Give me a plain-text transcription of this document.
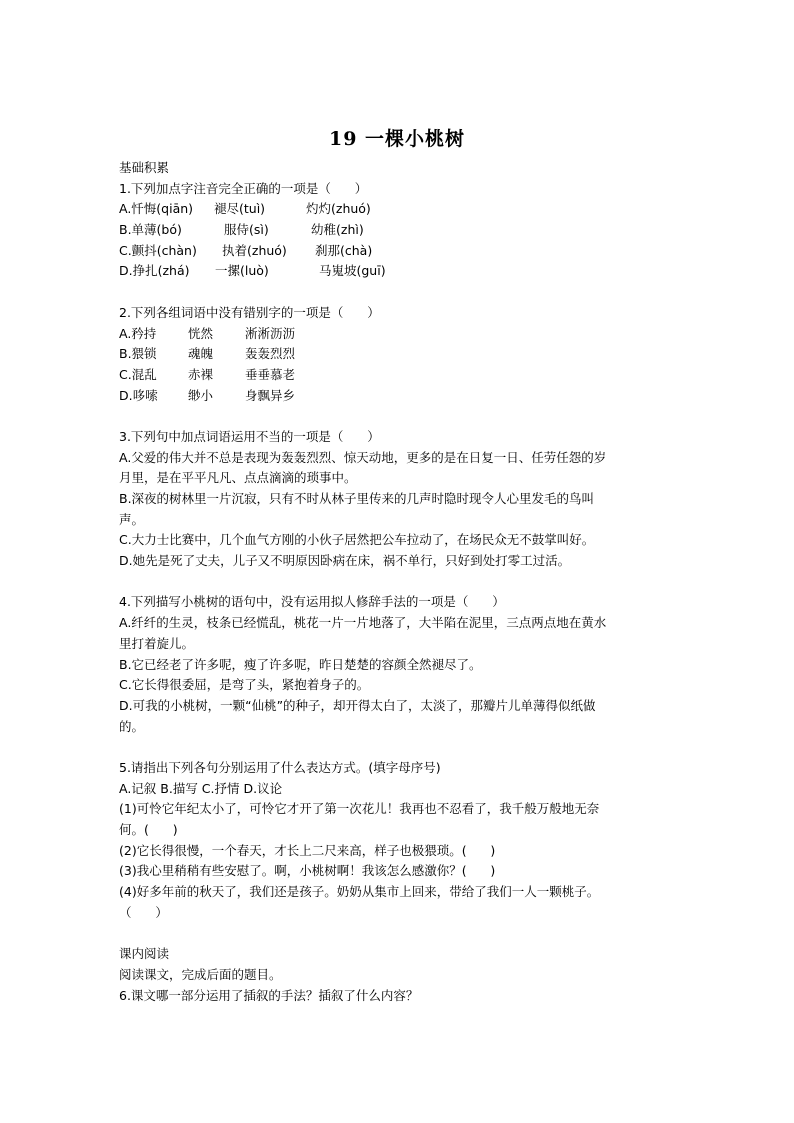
19 一棵小桃树
基础积累
1.下列加点字注音完全正确的一项是（      ）
A.忏悔(qiān) 褪尽(tuì)	灼灼(zhuó)
B.单薄(bó)	服侍(sì)	幼稚(zhì)
C.颤抖(chàn) 执着(zhuó) 刹那(chà)
D.挣扎(zhá) 一摞(luò)	马嵬坡(guī)
2.下列各组词语中没有错别字的一项是（      ）
A.矜持	恍然	淅淅沥沥
B.猥锁	魂魄	轰轰烈烈
C.混乱	赤裸	垂垂慕老
D.哆嗦 缈小	身飘异乡
3.下列句中加点词语运用不当的一项是（      ）
A.父爱的伟大并不总是表现为轰轰烈烈、惊天动地，更多的是在日复一日、任劳任怨的岁
月里，是在平平凡凡、点点滴滴的琐事中。
B.深夜的树林里一片沉寂，只有不时从林子里传来的几声时隐时现令人心里发毛的鸟叫
声。
C.大力士比赛中，几个血气方刚的小伙子居然把公车拉动了，在场民众无不鼓掌叫好。
D.她先是死了丈夫，儿子又不明原因卧病在床，祸不单行，只好到处打零工过活。
4.下列描写小桃树的语句中，没有运用拟人修辞手法的一项是（      ）
A.纤纤的生灵，枝条已经慌乱，桃花一片一片地落了，大半陷在泥里，三点两点地在黄水
里打着旋儿。
B.它已经老了许多呢，瘦了许多呢，昨日楚楚的容颜全然褪尽了。
C.它长得很委屈，是弯了头，紧抱着身子的。
D.可我的小桃树，一颗“仙桃”的种子，却开得太白了，太淡了，那瓣片儿单薄得似纸做
的。
5.请指出下列各句分别运用了什么表达方式。(填字母序号)
A.记叙 B.描写 C.抒情 D.议论
(1)可怜它年纪太小了，可怜它才开了第一次花儿！我再也不忍看了，我千般万般地无奈
何。(      )
(2)它长得很慢，一个春天，才长上二尺来高，样子也极猥琐。(      )
(3)我心里稍稍有些安慰了。啊，小桃树啊！我该怎么感激你？(      )
(4)好多年前的秋天了，我们还是孩子。奶奶从集市上回来，带给了我们一人一颗桃子。
（      ）
课内阅读
阅读课文，完成后面的题目。
6.课文哪一部分运用了插叙的手法？插叙了什么内容？
